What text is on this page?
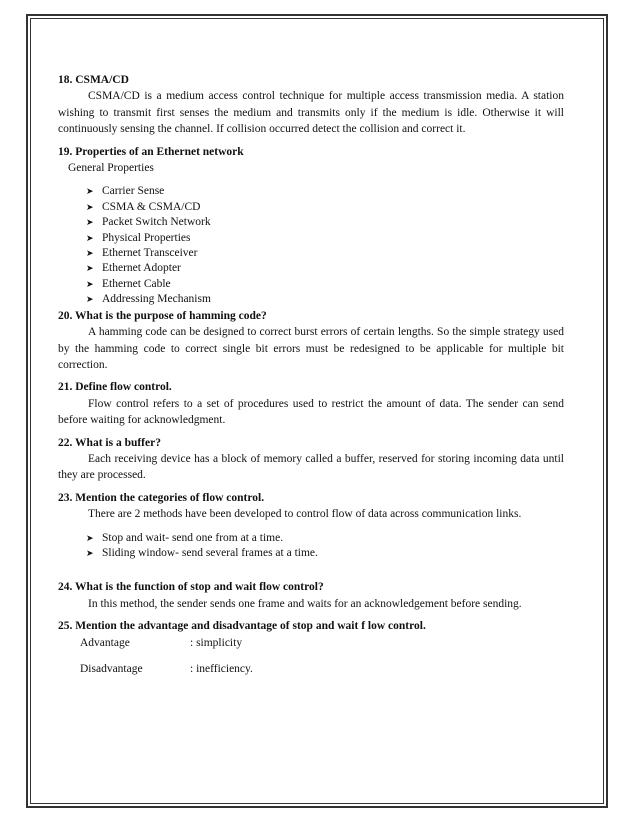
18. CSMA/CD

CSMA/CD is a medium access control technique for multiple access transmission media. A station wishing to transmit first senses the medium and transmits only if the medium is idle. Otherwise it will continuously sensing the channel. If collision occurred detect the collision and correct it.

19. Properties of an Ethernet network

General Properties

➤ Carrier Sense
➤ CSMA & CSMA/CD
➤ Packet Switch Network
➤ Physical Properties
➤ Ethernet Transceiver
➤ Ethernet Adopter
➤ Ethernet Cable
➤ Addressing Mechanism

20. What is the purpose of hamming code?

A hamming code can be designed to correct burst errors of certain lengths. So the simple strategy used by the hamming code to correct single bit errors must be redesigned to be applicable for multiple bit correction.

21. Define flow control.

Flow control refers to a set of procedures used to restrict the amount of data. The sender can send before waiting for acknowledgment.

22. What is a buffer?

Each receiving device has a block of memory called a buffer, reserved for storing incoming data until they are processed.

23. Mention the categories of flow control.

There are 2 methods have been developed to control flow of data across communication links.

➤ Stop and wait- send one from at a time.
➤ Sliding window- send several frames at a time.

24. What is the function of stop and wait flow control?

In this method, the sender sends one frame and waits for an acknowledgement before sending.

25. Mention the advantage and disadvantage of stop and wait f low control.

Advantage	: simplicity

Disadvantage	: inefficiency.
